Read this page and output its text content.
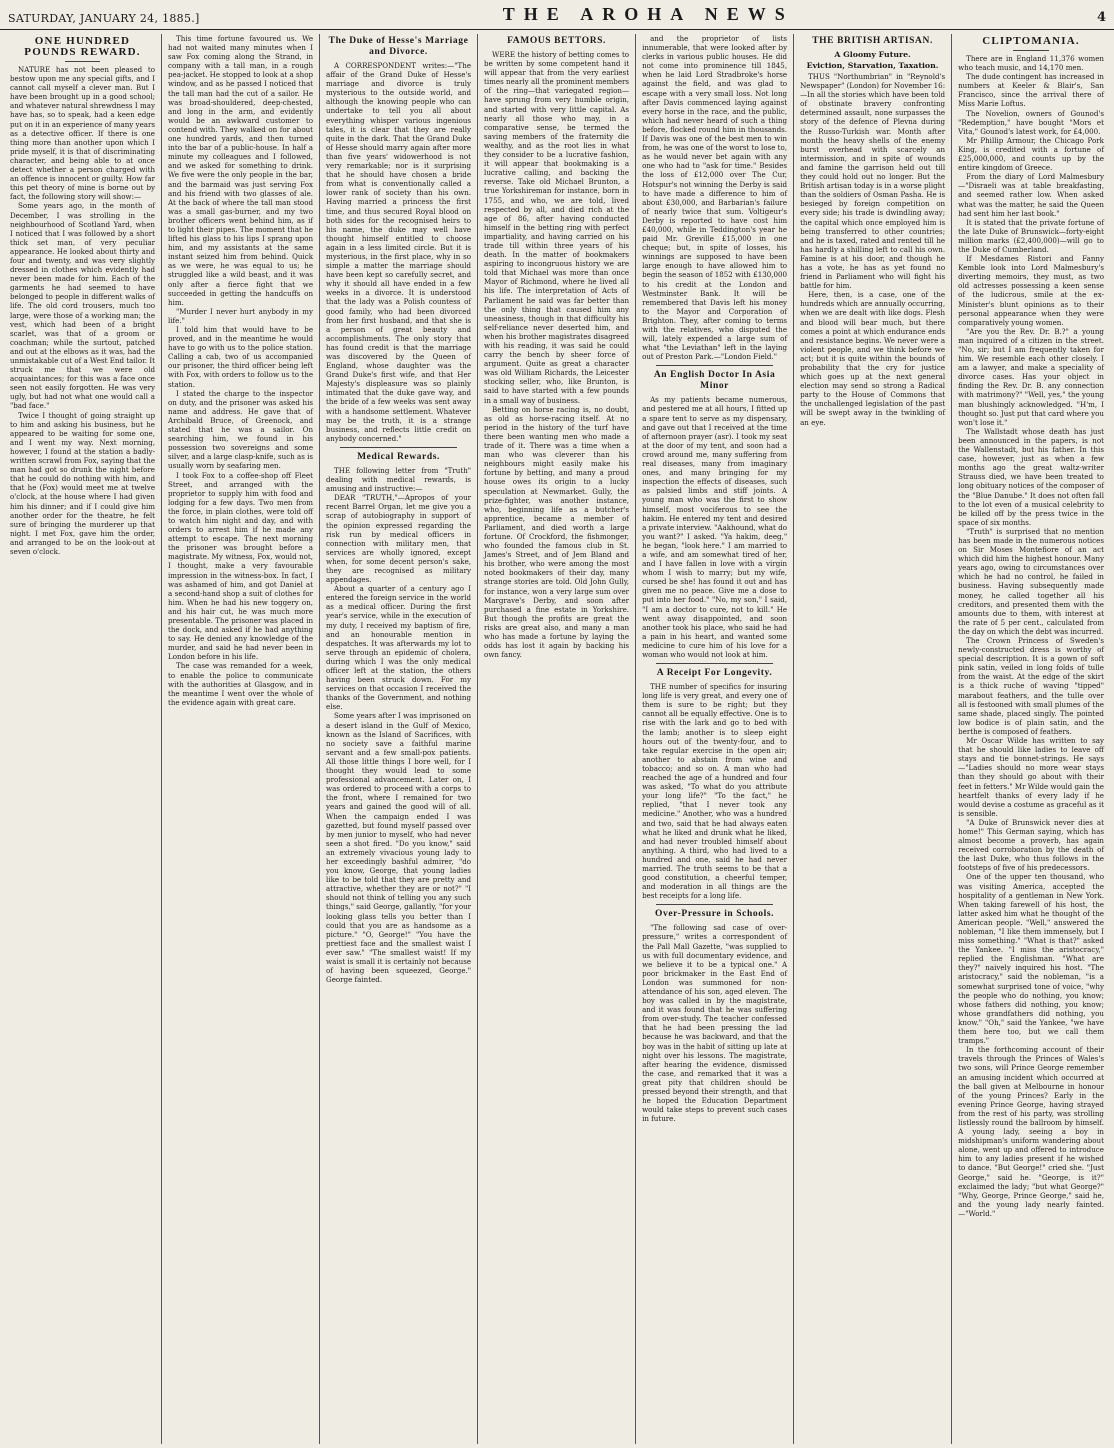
SATURDAY, JANUARY 24, 1885.]	THE AROHA NEWS	4
ONE HUNDRED POUNDS REWARD.

NATURE has not been pleased to bestow upon me any special gifts, and I cannot call myself a clever man. But I have been brought up in a good school; and whatever natural shrewdness I may have has, so to speak, had a keen edge put on it in an experience of many years as a detective officer. If there is one thing more than another upon which I pride myself, it is that of discriminating character, and being able to at once detect whether a person charged with an offence is innocent or guilty. How far this pet theory of mine is borne out by fact, the following story will show:—

Some years ago, in the month of December, I was strolling in the neighbourhood of Scotland Yard, when I noticed that I was followed by a short thick set man, of very peculiar appearance. He looked about thirty and four and twenty, and was very slightly dressed in clothes which evidently had never been made for him. Each of the garments he had seemed to have belonged to people in different walks of life. The old cord trousers, much too large, were those of a working man; the vest, which had been of a bright scarlet, was that of a groom or coachman; while the surtout, patched and out at the elbows as it was, had the unmistakable cut of a West End tailor. It struck me that we were old acquaintances; for this was a face once seen not easily forgotten. He was very ugly, but had not what one would call a "bad face."

Twice I thought of going straight up to him and asking his business, but he appeared to be waiting for some one, and I went my way. Next morning, however, I found at the station a badly-written scrawl from Fox, saying that the man had got so drunk the night before that he could do nothing with him, and that he (Fox) would meet me at twelve o'clock, at the house where I had given him his dinner; and if I could give him another order for the theatre, he felt sure of bringing the murderer up that night. I met Fox, gave him the order, and arranged to be on the look-out at seven o'clock.

This time fortune favoured us. We had not waited many minutes when I saw Fox coming along the Strand, in company with a tall man, in a rough pea-jacket. He stopped to look at a shop window, and as he passed I noticed that the tall man had the cut of a sailor. He was broad-shouldered, deep-chested, and long in the arm, and evidently would be an awkward customer to contend with. They walked on for about one hundred yards, and then turned into the bar of a public-house. In half a minute my colleagues and I followed, and we asked for something to drink. We five were the only people in the bar, and the barmaid was just serving Fox and his friend with two glasses of ale. At the back of where the tall man stood was a small gas-burner, and my two brother officers went behind him, as if to light their pipes. The moment that he lifted his glass to his lips I sprang upon him, and my assistants at the same instant seized him from behind. Quick as we were, he was equal to us; he struggled like a wild beast, and it was only after a fierce fight that we succeeded in getting the handcuffs on him.

"Murder I never hurt anybody in my life."

I told him that would have to be proved, and in the meantime he would have to go with us to the police station. Calling a cab, two of us accompanied our prisoner, the third officer being left with Fox, with orders to follow us to the station.

I stated the charge to the inspector on duty, and the prisoner was asked his name and address. He gave that of Archibald Bruce, of Greenock, and stated that he was a sailor. On searching him, we found in his possession two sovereigns and some silver, and a large clasp-knife, such as is usually worn by seafaring men.

I took Fox to a coffee-shop off Fleet Street, and arranged with the proprietor to supply him with food and lodging for a few days. Two men from the force, in plain clothes, were told off to watch him night and day, and with orders to arrest him if he made any attempt to escape. The next morning the prisoner was brought before a magistrate. My witness, Fox, would not, I thought, make a very favourable impression in the witness-box. In fact, I was ashamed of him, and got Daniel at a second-hand shop a suit of clothes for him. When he had his new toggery on, and his hair cut, he was much more presentable. The prisoner was placed in the dock, and asked if he had anything to say. He denied any knowledge of the murder, and said he had never been in London before in his life.

The case was remanded for a week, to enable the police to communicate with the authorities at Glasgow, and in the meantime I went over the whole of the evidence again with great care.

The Duke of Hesse's Marriage and Divorce.

A CORRESPONDENT writes:—"The affair of the Grand Duke of Hesse's marriage and divorce is truly mysterious to the outside world, and although the knowing people who can undertake to tell you all about everything whisper various ingenious tales, it is clear that they are really quite in the dark. That the Grand Duke of Hesse should marry again after more than five years' widowerhood is not very remarkable; nor is it surprising that he should have chosen a bride from what is conventionally called a lower rank of society than his own. Having married a princess the first time, and thus secured Royal blood on both sides for the recognised heirs to his name, the duke may well have thought himself entitled to choose again in a less limited circle. But it is mysterious, in the first place, why in so simple a matter the marriage should have been kept so carefully secret, and why it should all have ended in a few weeks in a divorce. It is understood that the lady was a Polish countess of good family, who had been divorced from her first husband, and that she is a person of great beauty and accomplishments. The only story that has found credit is that the marriage was discovered by the Queen of England, whose daughter was the Grand Duke's first wife, and that Her Majesty's displeasure was so plainly intimated that the duke gave way, and the bride of a few weeks was sent away with a handsome settlement. Whatever may be the truth, it is a strange business, and reflects little credit on anybody concerned."

Medical Rewards.

THE following letter from "Truth" dealing with medical rewards, is amusing and instructive:—

DEAR "TRUTH,"—Apropos of your recent Barrel Organ, let me give you a scrap of autobiography in support of the opinion expressed regarding the risk run by medical officers in connection with military men, that services are wholly ignored, except when, for some decent person's sake, they are recognised as military appendages.

About a quarter of a century ago I entered the foreign service in the world as a medical officer. During the first year's service, while in the execution of my duty, I received my baptism of fire, and an honourable mention in despatches. It was afterwards my lot to serve through an epidemic of cholera, during which I was the only medical officer left at the station, the others having been struck down. For my services on that occasion I received the thanks of the Government, and nothing else.

Some years after I was imprisoned on a desert island in the Gulf of Mexico, known as the Island of Sacrifices, with no society save a faithful marine servant and a few small-pox patients. All those little things I bore well, for I thought they would lead to some professional advancement. Later on, I was ordered to proceed with a corps to the front, where I remained for two years and gained the good will of all. When the campaign ended I was gazetted, but found myself passed over by men junior to myself, who had never seen a shot fired. "Do you know," said an extremely vivacious young lady to her exceedingly bashful admirer, "do you know, George, that young ladies like to be told that they are pretty and attractive, whether they are or not?" "I should not think of telling you any such things," said George, gallantly, "for your looking glass tells you better than I could that you are as handsome as a picture." "O, George!" "You have the prettiest face and the smallest waist I ever saw." "The smallest waist! If my waist is small it is certainly not because of having been squeezed, George." George fainted.

FAMOUS BETTORS.

WERE the history of betting comes to be written by some competent hand it will appear that from the very earliest times nearly all the prominent members of the ring—that variegated region—have sprung from very humble origin, and started with very little capital. As nearly all those who may, in a comparative sense, be termed the saving members of the fraternity die wealthy, and as the root lies in what they consider to be a lucrative fashion, it will appear that bookmaking is a lucrative calling, and backing the reverse. Take old Michael Brunton, a true Yorkshireman for instance, born in 1755, and who, we are told, lived respected by all, and died rich at the age of 86, after having conducted himself in the betting ring with perfect impartiality, and having carried on his trade till within three years of his death. In the matter of bookmakers aspiring to incongruous history we are told that Michael was more than once Mayor of Richmond, where he lived all his life. The interpretation of Acts of Parliament he said was far better than the only thing that caused him any uneasiness, though in that difficulty his self-reliance never deserted him, and when his brother magistrates disagreed with his reading, it was said he could carry the bench by sheer force of argument. Quite as great a character was old William Richards, the Leicester stocking seller, who, like Brunton, is said to have started with a few pounds in a small way of business.

Betting on horse racing is, no doubt, as old as horse-racing itself. At no period in the history of the turf have there been wanting men who made a trade of it. There was a time when a man who was cleverer than his neighbours might easily make his fortune by betting, and many a proud house owes its origin to a lucky speculation at Newmarket. Gully, the prize-fighter, was another instance, who, beginning life as a butcher's apprentice, became a member of Parliament, and died worth a large fortune. Of Crockford, the fishmonger, who founded the famous club in St. James's Street, and of Jem Bland and his brother, who were among the most noted bookmakers of their day, many strange stories are told. Old John Gully, for instance, won a very large sum over Margrave's Derby, and soon after purchased a fine estate in Yorkshire. But though the profits are great the risks are great also, and many a man who has made a fortune by laying the odds has lost it again by backing his own fancy.

and the proprietor of lists innumerable, that were looked after by clerks in various public houses. He did not come into prominence till 1845, when he laid Lord Stradbroke's horse against the field, and was glad to escape with a very small loss. Not long after Davis commenced laying against every horse in the race, and the public, which had never heard of such a thing before, flocked round him in thousands. If Davis was one of the best men to win from, he was one of the worst to lose to, as he would never bet again with any one who had to "ask for time." Besides the loss of £12,000 over The Cur, Hotspur's not winning the Derby is said to have made a difference to him of about £30,000, and Barbarian's failure of nearly twice that sum. Voltigeur's Derby is reported to have cost him £40,000, while in Teddington's year he paid Mr. Greville £15,000 in one cheque; but, in spite of losses, his winnings are supposed to have been large enough to have allowed him to begin the season of 1852 with £130,000 to his credit at the London and Westminster Bank. It will be remembered that Davis left his money to the Mayor and Corporation of Brighton. They, after coming to terms with the relatives, who disputed the will, lately expended a large sum of what "the Leviathan" left in the laying out of Preston Park.—"London Field."

An English Doctor In Asia Minor

As my patients became numerous, and pestered me at all hours, I fitted up a spare tent to serve as my dispensary, and gave out that I received at the time of afternoon prayer (asr). I took my seat at the door of my tent, and soon had a crowd around me, many suffering from real diseases, many from imaginary ones, and many bringing for my inspection the effects of diseases, such as palsied limbs and stiff joints. A young man who was the first to show himself, most vociferous to see the hakim. He entered my tent and desired a private interview. "Aakhound, what do you want?" I asked. "Ya hakim, deeg," he began, "look here." I am married to a wife, and am somewhat tired of her, and I have fallen in love with a virgin whom I wish to marry; but my wife, cursed be she! has found it out and has given me no peace. Give me a dose to put into her food." "No, my son," I said, "I am a doctor to cure, not to kill." He went away disappointed, and soon another took his place, who said he had a pain in his heart, and wanted some medicine to cure him of his love for a woman who would not look at him.

A Receipt For Longevity.

THE number of specifics for insuring long life is very great, and every one of them is sure to be right; but they cannot all be equally effective. One is to rise with the lark and go to bed with the lamb; another is to sleep eight hours out of the twenty-four, and to take regular exercise in the open air; another to abstain from wine and tobacco; and so on. A man who had reached the age of a hundred and four was asked, "To what do you attribute your long life?" "To the fact," he replied, "that I never took any medicine." Another, who was a hundred and two, said that he had always eaten what he liked and drunk what he liked, and had never troubled himself about anything. A third, who had lived to a hundred and one, said he had never married. The truth seems to be that a good constitution, a cheerful temper, and moderation in all things are the best receipts for a long life.

Over-Pressure in Schools.

"The following sad case of over-pressure," writes a correspondent of the Pall Mall Gazette, "was supplied to us with full documentary evidence, and we believe it to be a typical one." A poor brickmaker in the East End of London was summoned for non-attendance of his son, aged eleven. The boy was called in by the magistrate, and it was found that he was suffering from over-study. The teacher confessed that he had been pressing the lad because he was backward, and that the boy was in the habit of sitting up late at night over his lessons. The magistrate, after hearing the evidence, dismissed the case, and remarked that it was a great pity that children should be pressed beyond their strength, and that he hoped the Education Department would take steps to prevent such cases in future.

THE BRITISH ARTISAN.
A Gloomy Future.
Eviction, Starvation, Taxation.

THUS "Northumbrian" in "Reynold's Newspaper" (London) for November 16:—In all the stories which have been told of obstinate bravery confronting determined assault, none surpasses the story of the defence of Plevna during the Russo-Turkish war. Month after month the heavy shells of the enemy burst overhead with scarcely an intermission, and in spite of wounds and famine the garrison held out till they could hold out no longer. But the British artisan today is in a worse plight than the soldiers of Osman Pasha. He is besieged by foreign competition on every side; his trade is dwindling away; the capital which once employed him is being transferred to other countries; and he is taxed, rated and rented till he has hardly a shilling left to call his own. Famine is at his door, and though he has a vote, he has as yet found no friend in Parliament who will fight his battle for him.

Here, then, is a case, one of the hundreds which are annually occurring, when we are dealt with like dogs. Flesh and blood will bear much, but there comes a point at which endurance ends and resistance begins. We never were a violent people, and we think before we act; but it is quite within the bounds of probability that the cry for justice which goes up at the next general election may send so strong a Radical party to the House of Commons that the unchallenged legislation of the past will be swept away in the twinkling of an eye.

CLIPTOMANIA.

There are in England 11,376 women who teach music, and 14,170 men.

The dude contingent has increased in numbers at Keeler & Blair's, San Francisco, since the arrival there of Miss Marie Loftus.

The Novelion, owners of Gounod's "Redemption," have bought "Mors et Vita," Gounod's latest work, for £4,000.

Mr Phillip Armour, the Chicago Pork King, is credited with a fortune of £25,000,000, and counts up by the entire kingdom of Greece.

From the diary of Lord Malmesbury—"Disraeli was at table breakfasting, and seemed rather low. When asked what was the matter, he said the Queen had sent him her last book."

It is stated that the private fortune of the late Duke of Brunswick—forty-eight million marks (£2,400,000)—will go to the Duke of Cumberland.

If Mesdames Ristori and Fanny Kemble look into Lord Malmesbury's diverting memoirs, they must, as two old actresses possessing a keen sense of the ludicrous, smile at the ex-Minister's blunt opinions as to their personal appearance when they were comparatively young women.

"Are you the Rev. Dr. B.?" a young man inquired of a citizen in the street. "No, sir; but I am frequently taken for him. We resemble each other closely. I am a lawyer, and make a speciality of divorce cases. Has your object in finding the Rev. Dr. B. any connection with matrimony?" "Well, yes," the young man blushingly acknowledged. "H'm, I thought so. Just put that card where you won't lose it."

The Wallstadt whose death has just been announced in the papers, is not the Wallenstadt, but his father. In this case, however, just as when a few months ago the great waltz-writer Strauss died, we have been treated to long obituary notices of the composer of the "Blue Danube." It does not often fall to the lot even of a musical celebrity to be killed off by the press twice in the space of six months.

"Truth" is surprised that no mention has been made in the numerous notices on Sir Moses Montefiore of an act which did him the highest honour. Many years ago, owing to circumstances over which he had no control, he failed in business. Having subsequently made money, he called together all his creditors, and presented them with the amounts due to them, with interest at the rate of 5 per cent., calculated from the day on which the debt was incurred.

The Crown Princess of Sweden's newly-constructed dress is worthy of special description. It is a gown of soft pink satin, veiled in long folds of tulle from the waist. At the edge of the skirt is a thick ruche of waving "tipped" marabout feathers, and the tulle over all is festooned with small plumes of the same shade, placed singly. The pointed low bodice is of plain satin, and the berthe is composed of feathers.

Mr Oscar Wilde has written to say that he should like ladies to leave off stays and tie bonnet-strings. He says—"Ladies should no more wear stays than they should go about with their feet in fetters." Mr Wilde would gain the heartfelt thanks of every lady if he would devise a costume as graceful as it is sensible.

"A Duke of Brunswick never dies at home!" This German saying, which has almost become a proverb, has again received corroboration by the death of the last Duke, who thus follows in the footsteps of five of his predecessors.

One of the upper ten thousand, who was visiting America, accepted the hospitality of a gentleman in New York. When taking farewell of his host, the latter asked him what he thought of the American people. "Well," answered the nobleman, "I like them immensely, but I miss something." "What is that?" asked the Yankee. "I miss the aristocracy," replied the Englishman. "What are they?" naively inquired his host. "The aristocracy," said the nobleman, "is a somewhat surprised tone of voice, "why the people who do nothing, you know; whose fathers did nothing, you know; whose grandfathers did nothing, you know." "Oh," said the Yankee, "we have them here too, but we call them tramps."

In the forthcoming account of their travels through the Princes of Wales's two sons, will Prince George remember an amusing incident which occurred at the ball given at Melbourne in honour of the young Princes? Early in the evening Prince George, having strayed from the rest of his party, was strolling listlessly round the ballroom by himself. A young lady, seeing a boy in midshipman's uniform wandering about alone, went up and offered to introduce him to any ladies present if he wished to dance. "But George!" cried she. "Just George," said he. "George, is it?" exclaimed the lady; "but what George?" "Why, George, Prince George," said he, and the young lady nearly fainted.—"World."
